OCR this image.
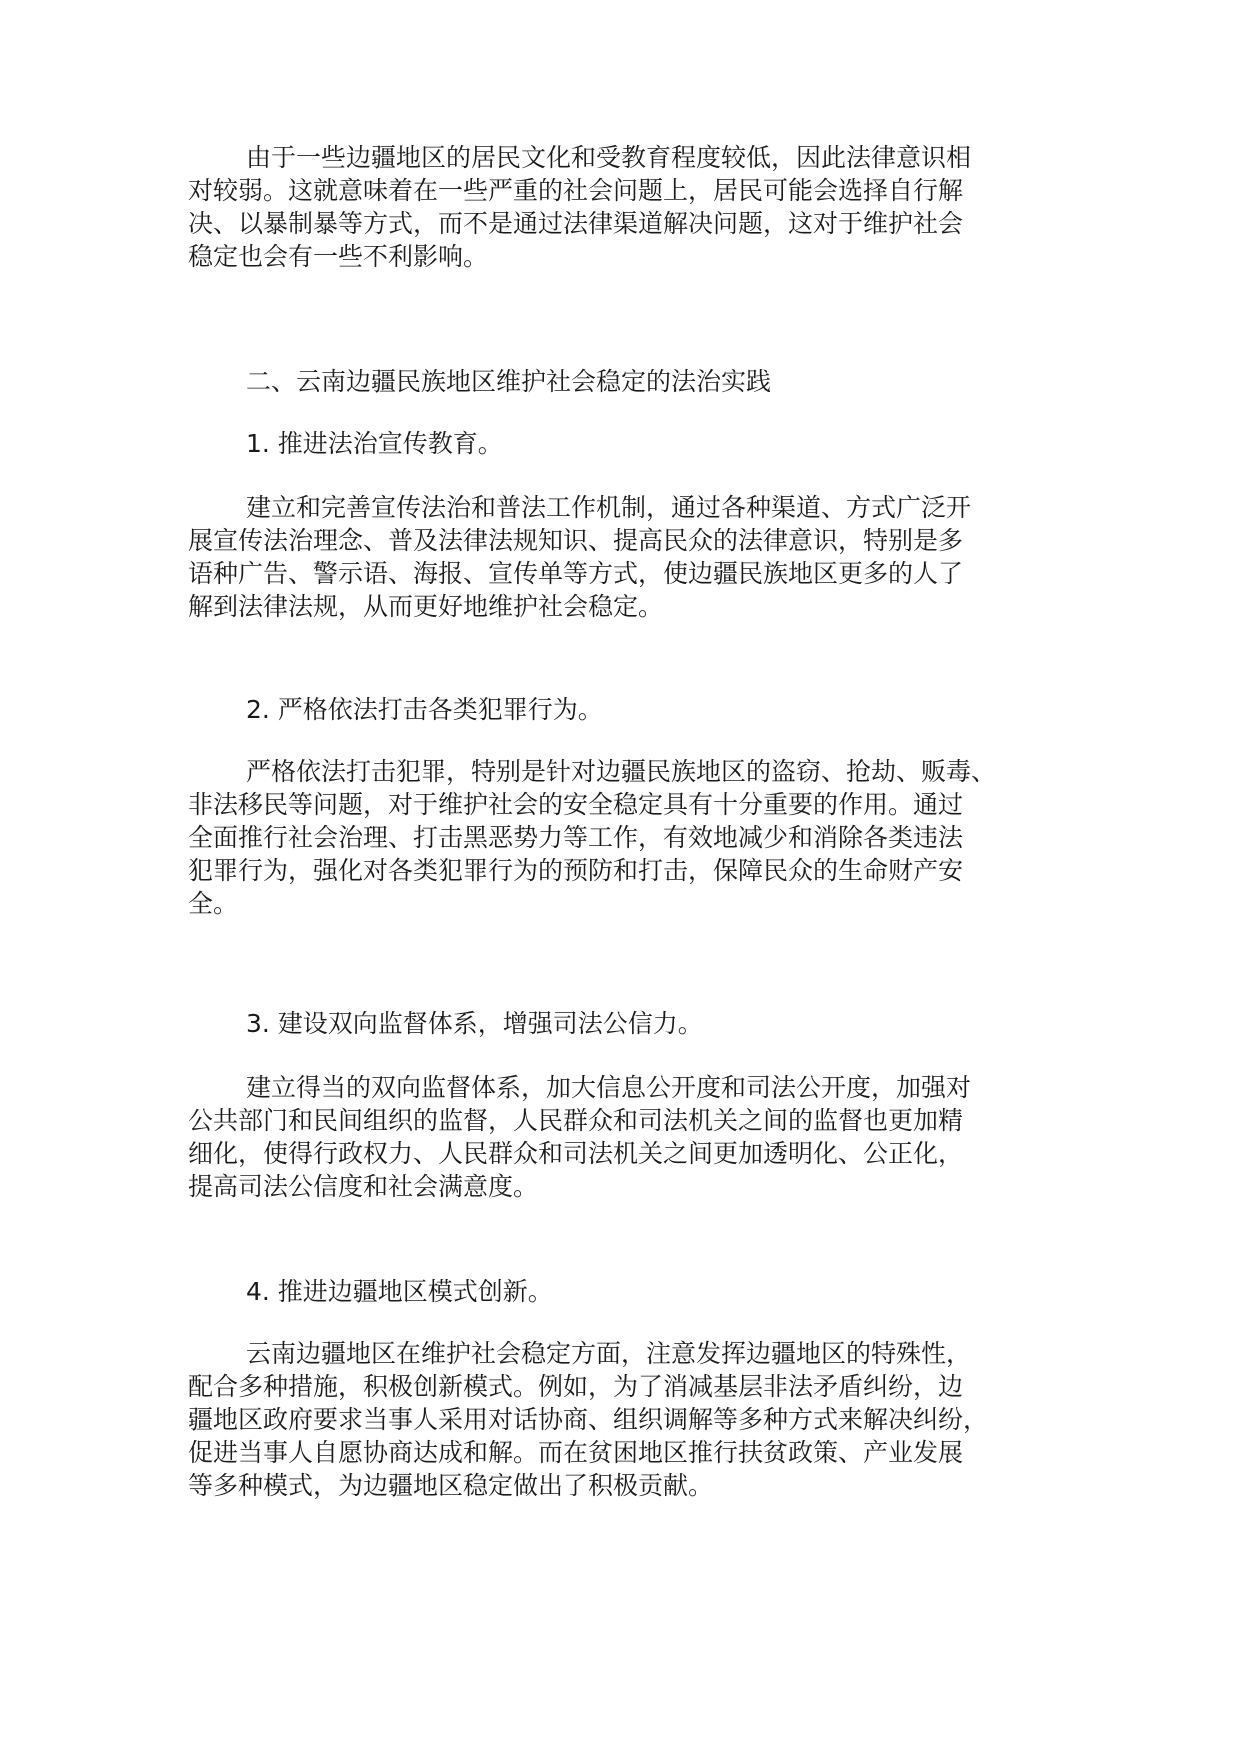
由于一些边疆地区的居民文化和受教育程度较低，因此法律意识相
对较弱。这就意味着在一些严重的社会问题上，居民可能会选择自行解
决、以暴制暴等方式，而不是通过法律渠道解决问题，这对于维护社会
稳定也会有一些不利影响。
二、云南边疆民族地区维护社会稳定的法治实践
1. 推进法治宣传教育。
建立和完善宣传法治和普法工作机制，通过各种渠道、方式广泛开
展宣传法治理念、普及法律法规知识、提高民众的法律意识，特别是多
语种广告、警示语、海报、宣传单等方式，使边疆民族地区更多的人了
解到法律法规，从而更好地维护社会稳定。
2. 严格依法打击各类犯罪行为。
严格依法打击犯罪，特别是针对边疆民族地区的盗窃、抢劫、贩毒、
非法移民等问题，对于维护社会的安全稳定具有十分重要的作用。通过
全面推行社会治理、打击黑恶势力等工作，有效地减少和消除各类违法
犯罪行为，强化对各类犯罪行为的预防和打击，保障民众的生命财产安
全。
3. 建设双向监督体系，增强司法公信力。
建立得当的双向监督体系，加大信息公开度和司法公开度，加强对
公共部门和民间组织的监督，人民群众和司法机关之间的监督也更加精
细化，使得行政权力、人民群众和司法机关之间更加透明化、公正化，
提高司法公信度和社会满意度。
4. 推进边疆地区模式创新。
云南边疆地区在维护社会稳定方面，注意发挥边疆地区的特殊性，
配合多种措施，积极创新模式。例如，为了消减基层非法矛盾纠纷，边
疆地区政府要求当事人采用对话协商、组织调解等多种方式来解决纠纷，
促进当事人自愿协商达成和解。而在贫困地区推行扶贫政策、产业发展
等多种模式，为边疆地区稳定做出了积极贡献。
